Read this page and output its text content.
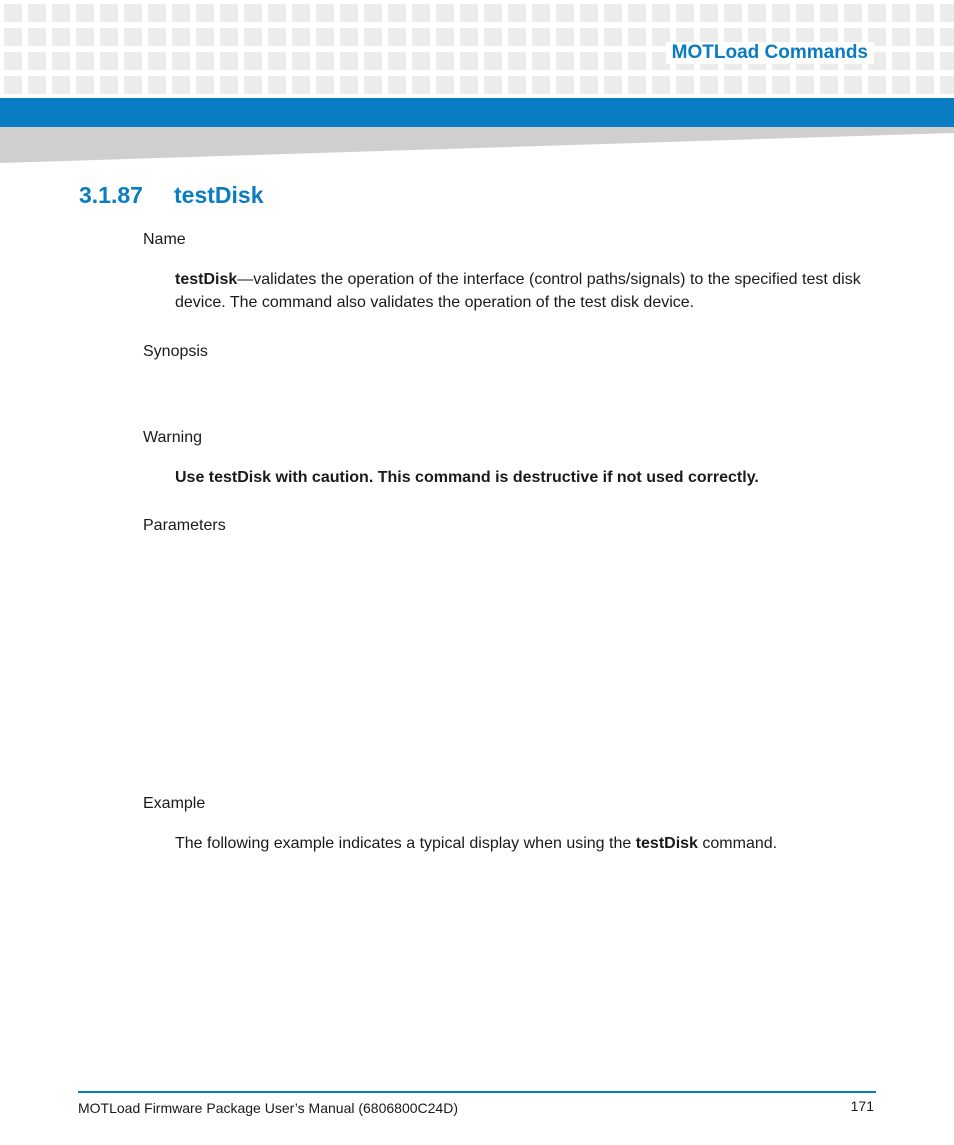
MOTLoad Commands
3.1.87 testDisk
Name
testDisk—validates the operation of the interface (control paths/signals) to the specified test disk device. The command also validates the operation of the test disk device.
Synopsis
Warning
Use testDisk with caution. This command is destructive if not used correctly.
Parameters
Example
The following example indicates a typical display when using the testDisk command.
MOTLoad Firmware Package User’s Manual (6806800C24D)	171
